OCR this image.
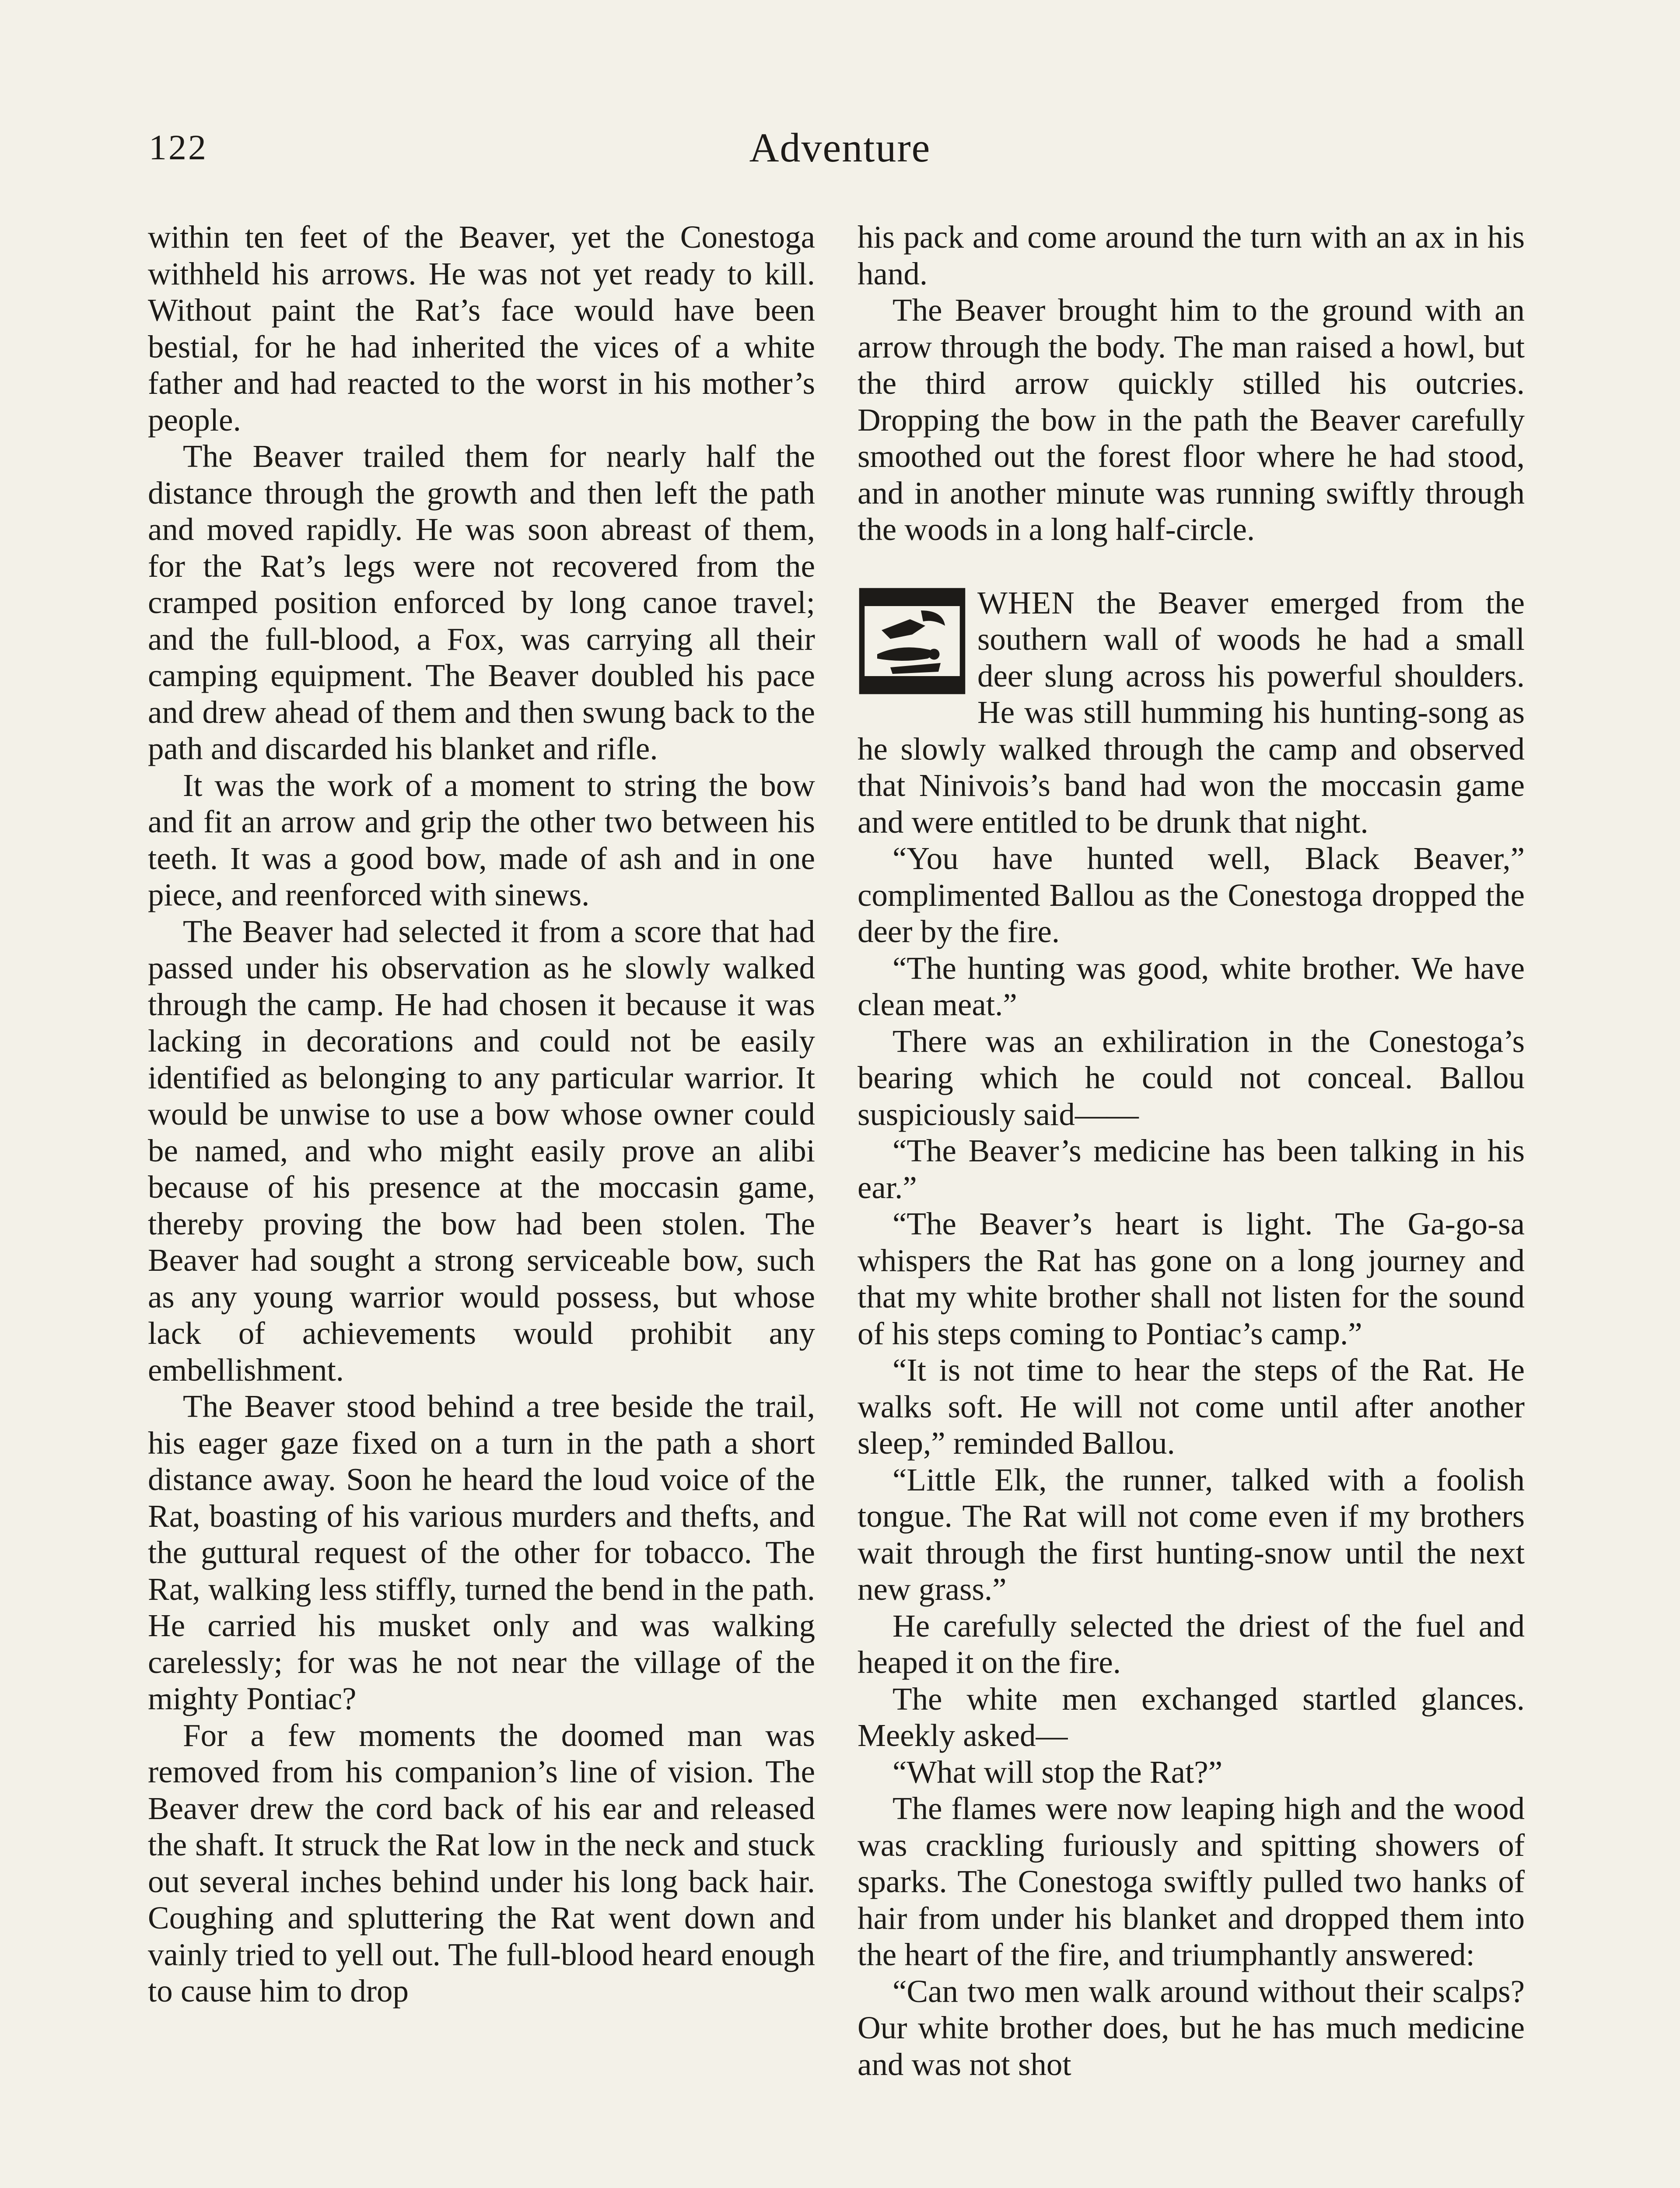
122	Adventure

within ten feet of the Beaver, yet the Conestoga withheld his arrows. He was not yet ready to kill. Without paint the Rat’s face would have been bestial, for he had inherited the vices of a white father and had reacted to the worst in his mother’s people.

The Beaver trailed them for nearly half the distance through the growth and then left the path and moved rapidly. He was soon abreast of them, for the Rat’s legs were not recovered from the cramped position enforced by long canoe travel; and the full-blood, a Fox, was carrying all their camping equipment. The Beaver doubled his pace and drew ahead of them and then swung back to the path and discarded his blanket and rifle.

It was the work of a moment to string the bow and fit an arrow and grip the other two between his teeth. It was a good bow, made of ash and in one piece, and reenforced with sinews.

The Beaver had selected it from a score that had passed under his observation as he slowly walked through the camp. He had chosen it because it was lacking in decorations and could not be easily identified as belonging to any particular warrior. It would be unwise to use a bow whose owner could be named, and who might easily prove an alibi because of his presence at the moccasin game, thereby proving the bow had been stolen. The Beaver had sought a strong serviceable bow, such as any young warrior would possess, but whose lack of achievements would prohibit any embellishment.

The Beaver stood behind a tree beside the trail, his eager gaze fixed on a turn in the path a short distance away. Soon he heard the loud voice of the Rat, boasting of his various murders and thefts, and the guttural request of the other for tobacco. The Rat, walking less stiffly, turned the bend in the path. He carried his musket only and was walking carelessly; for was he not near the village of the mighty Pontiac?

For a few moments the doomed man was removed from his companion’s line of vision. The Beaver drew the cord back of his ear and released the shaft. It struck the Rat low in the neck and stuck out several inches behind under his long back hair. Coughing and spluttering the Rat went down and vainly tried to yell out. The full-blood heard enough to cause him to drop

his pack and come around the turn with an ax in his hand.

The Beaver brought him to the ground with an arrow through the body. The man raised a howl, but the third arrow quickly stilled his outcries. Dropping the bow in the path the Beaver carefully smoothed out the forest floor where he had stood, and in another minute was running swiftly through the woods in a long half-circle.

WHEN the Beaver emerged from the southern wall of woods he had a small deer slung across his powerful shoulders. He was still humming his hunting-song as he slowly walked through the camp and observed that Ninivois’s band had won the moccasin game and were entitled to be drunk that night.

“You have hunted well, Black Beaver,” complimented Ballou as the Conestoga dropped the deer by the fire.

“The hunting was good, white brother. We have clean meat.”

There was an exhiliration in the Conestoga’s bearing which he could not conceal. Ballou suspiciously said——

“The Beaver’s medicine has been talking in his ear.”

“The Beaver’s heart is light. The Ga-go-sa whispers the Rat has gone on a long journey and that my white brother shall not listen for the sound of his steps coming to Pontiac’s camp.”

“It is not time to hear the steps of the Rat. He walks soft. He will not come until after another sleep,” reminded Ballou.

“Little Elk, the runner, talked with a foolish tongue. The Rat will not come even if my brothers wait through the first hunting-snow until the next new grass.”

He carefully selected the driest of the fuel and heaped it on the fire.

The white men exchanged startled glances. Meekly asked—

“What will stop the Rat?”

The flames were now leaping high and the wood was crackling furiously and spitting showers of sparks. The Conestoga swiftly pulled two hanks of hair from under his blanket and dropped them into the heart of the fire, and triumphantly answered:

“Can two men walk around without their scalps? Our white brother does, but he has much medicine and was not shot
